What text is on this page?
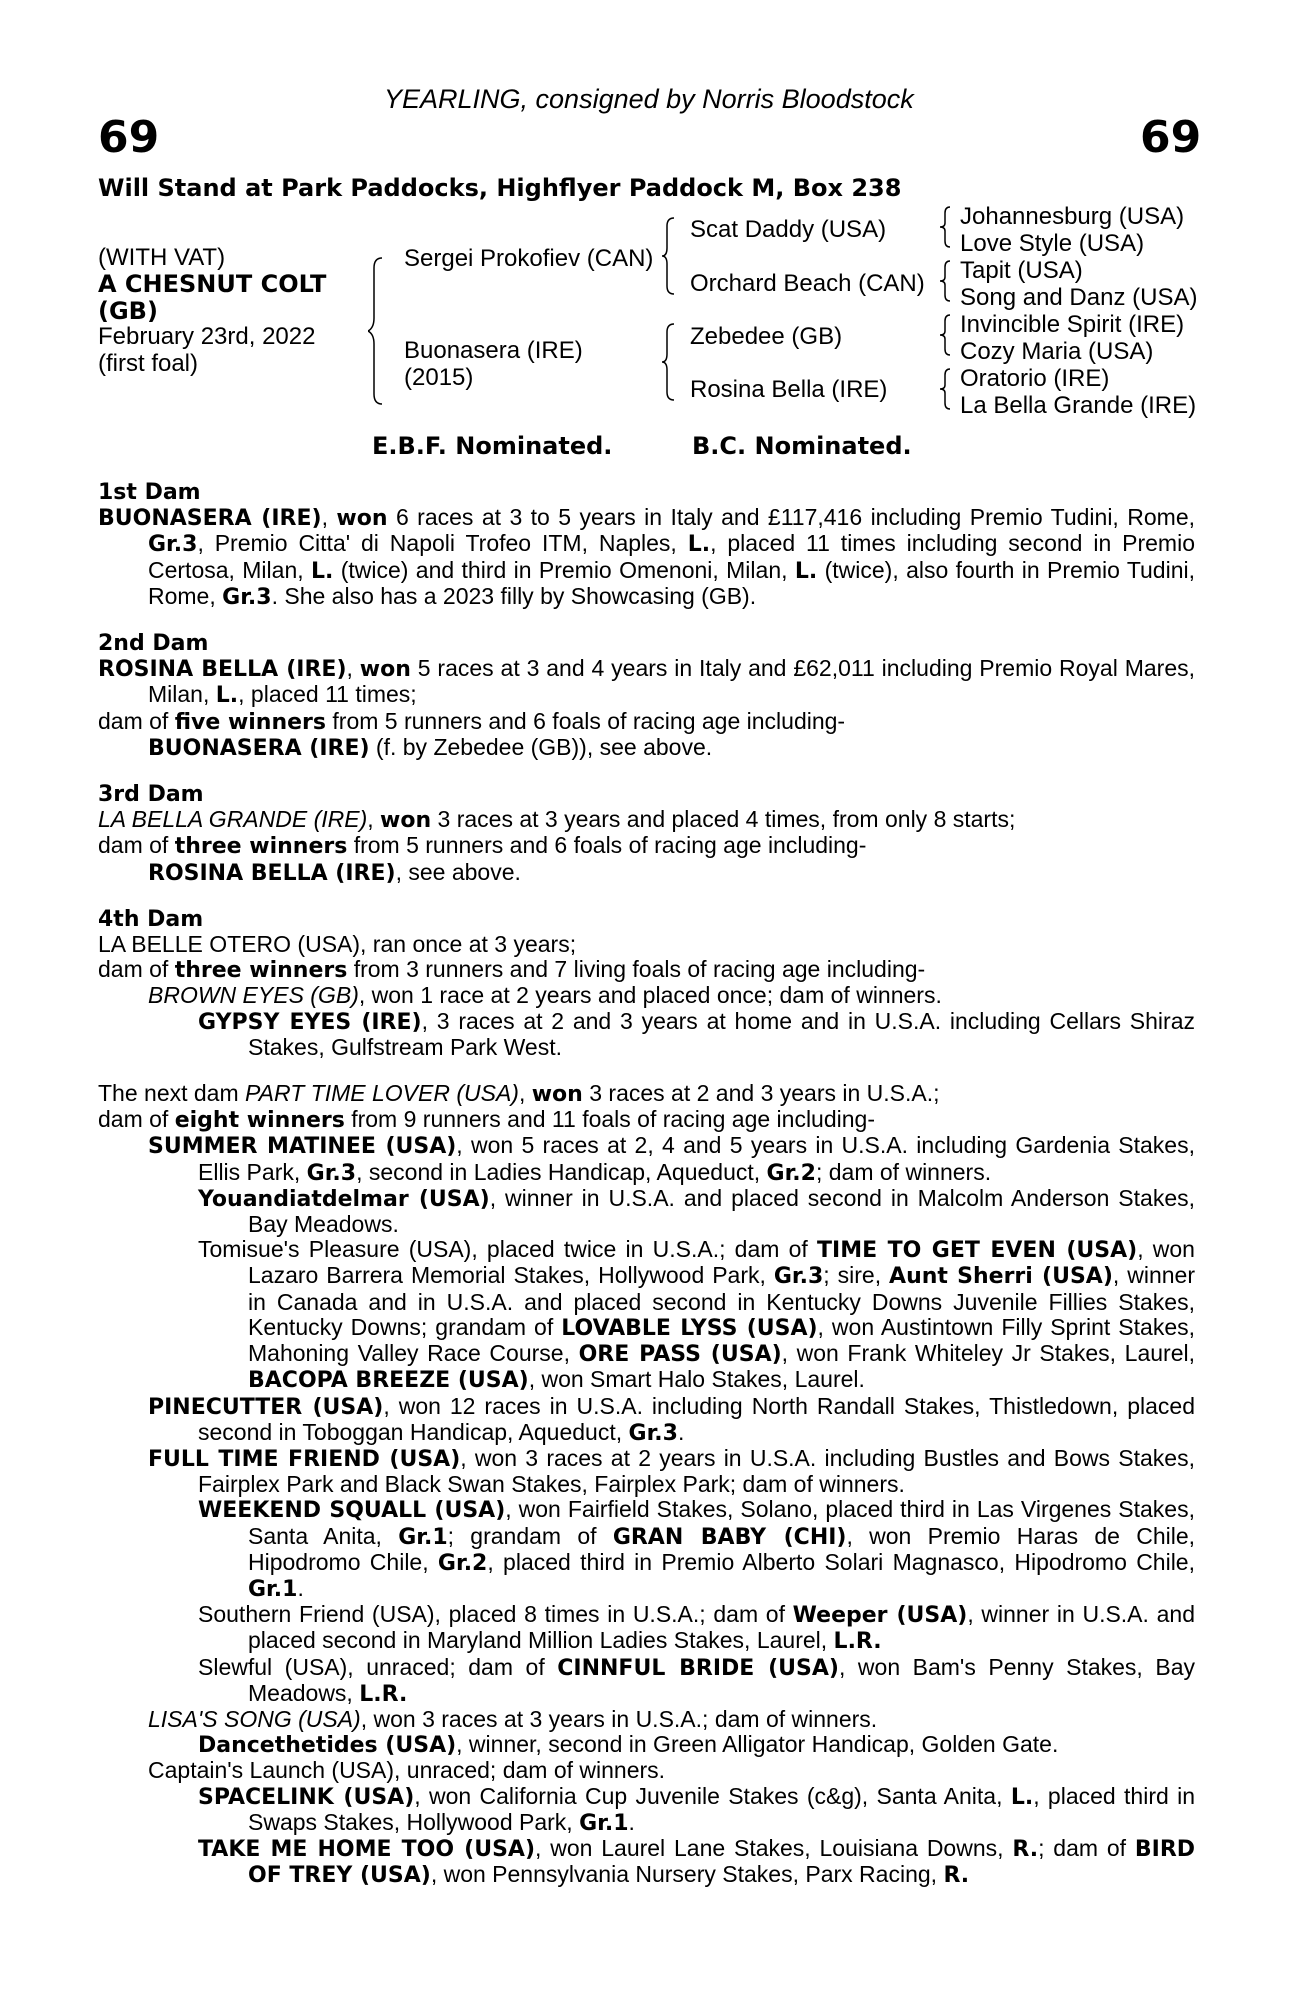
YEARLING, consigned by Norris Bloodstock
69	69
Will Stand at Park Paddocks, Highflyer Paddock M, Box 238
(WITH VAT)
A CHESNUT COLT
(GB)
February 23rd, 2022
(first foal)
Sergei Prokofiev (CAN)
Buonasera (IRE)
(2015)
Scat Daddy (USA)
Orchard Beach (CAN)
Zebedee (GB)
Rosina Bella (IRE)
Johannesburg (USA)
Love Style (USA)
Tapit (USA)
Song and Danz (USA)
Invincible Spirit (IRE)
Cozy Maria (USA)
Oratorio (IRE)
La Bella Grande (IRE)
E.B.F. Nominated.	B.C. Nominated.
1st Dam
BUONASERA (IRE), won 6 races at 3 to 5 years in Italy and £117,416 including Premio Tudini, Rome, Gr.3, Premio Citta' di Napoli Trofeo ITM, Naples, L., placed 11 times including second in Premio Certosa, Milan, L. (twice) and third in Premio Omenoni, Milan, L. (twice), also fourth in Premio Tudini, Rome, Gr.3. She also has a 2023 filly by Showcasing (GB).
2nd Dam
ROSINA BELLA (IRE), won 5 races at 3 and 4 years in Italy and £62,011 including Premio Royal Mares, Milan, L., placed 11 times;
dam of five winners from 5 runners and 6 foals of racing age including-
BUONASERA (IRE) (f. by Zebedee (GB)), see above.
3rd Dam
LA BELLA GRANDE (IRE), won 3 races at 3 years and placed 4 times, from only 8 starts;
dam of three winners from 5 runners and 6 foals of racing age including-
ROSINA BELLA (IRE), see above.
4th Dam
LA BELLE OTERO (USA), ran once at 3 years;
dam of three winners from 3 runners and 7 living foals of racing age including-
BROWN EYES (GB), won 1 race at 2 years and placed once; dam of winners.
GYPSY EYES (IRE), 3 races at 2 and 3 years at home and in U.S.A. including Cellars Shiraz Stakes, Gulfstream Park West.
The next dam PART TIME LOVER (USA), won 3 races at 2 and 3 years in U.S.A.;
dam of eight winners from 9 runners and 11 foals of racing age including-
SUMMER MATINEE (USA), won 5 races at 2, 4 and 5 years in U.S.A. including Gardenia Stakes, Ellis Park, Gr.3, second in Ladies Handicap, Aqueduct, Gr.2; dam of winners.
Youandiatdelmar (USA), winner in U.S.A. and placed second in Malcolm Anderson Stakes, Bay Meadows.
Tomisue's Pleasure (USA), placed twice in U.S.A.; dam of TIME TO GET EVEN (USA), won Lazaro Barrera Memorial Stakes, Hollywood Park, Gr.3; sire, Aunt Sherri (USA), winner in Canada and in U.S.A. and placed second in Kentucky Downs Juvenile Fillies Stakes, Kentucky Downs; grandam of LOVABLE LYSS (USA), won Austintown Filly Sprint Stakes, Mahoning Valley Race Course, ORE PASS (USA), won Frank Whiteley Jr Stakes, Laurel, BACOPA BREEZE (USA), won Smart Halo Stakes, Laurel.
PINECUTTER (USA), won 12 races in U.S.A. including North Randall Stakes, Thistledown, placed second in Toboggan Handicap, Aqueduct, Gr.3.
FULL TIME FRIEND (USA), won 3 races at 2 years in U.S.A. including Bustles and Bows Stakes, Fairplex Park and Black Swan Stakes, Fairplex Park; dam of winners.
WEEKEND SQUALL (USA), won Fairfield Stakes, Solano, placed third in Las Virgenes Stakes, Santa Anita, Gr.1; grandam of GRAN BABY (CHI), won Premio Haras de Chile, Hipodromo Chile, Gr.2, placed third in Premio Alberto Solari Magnasco, Hipodromo Chile, Gr.1.
Southern Friend (USA), placed 8 times in U.S.A.; dam of Weeper (USA), winner in U.S.A. and placed second in Maryland Million Ladies Stakes, Laurel, L.R.
Slewful (USA), unraced; dam of CINNFUL BRIDE (USA), won Bam's Penny Stakes, Bay Meadows, L.R.
LISA'S SONG (USA), won 3 races at 3 years in U.S.A.; dam of winners.
Dancethetides (USA), winner, second in Green Alligator Handicap, Golden Gate.
Captain's Launch (USA), unraced; dam of winners.
SPACELINK (USA), won California Cup Juvenile Stakes (c&g), Santa Anita, L., placed third in Swaps Stakes, Hollywood Park, Gr.1.
TAKE ME HOME TOO (USA), won Laurel Lane Stakes, Louisiana Downs, R.; dam of BIRD OF TREY (USA), won Pennsylvania Nursery Stakes, Parx Racing, R.
